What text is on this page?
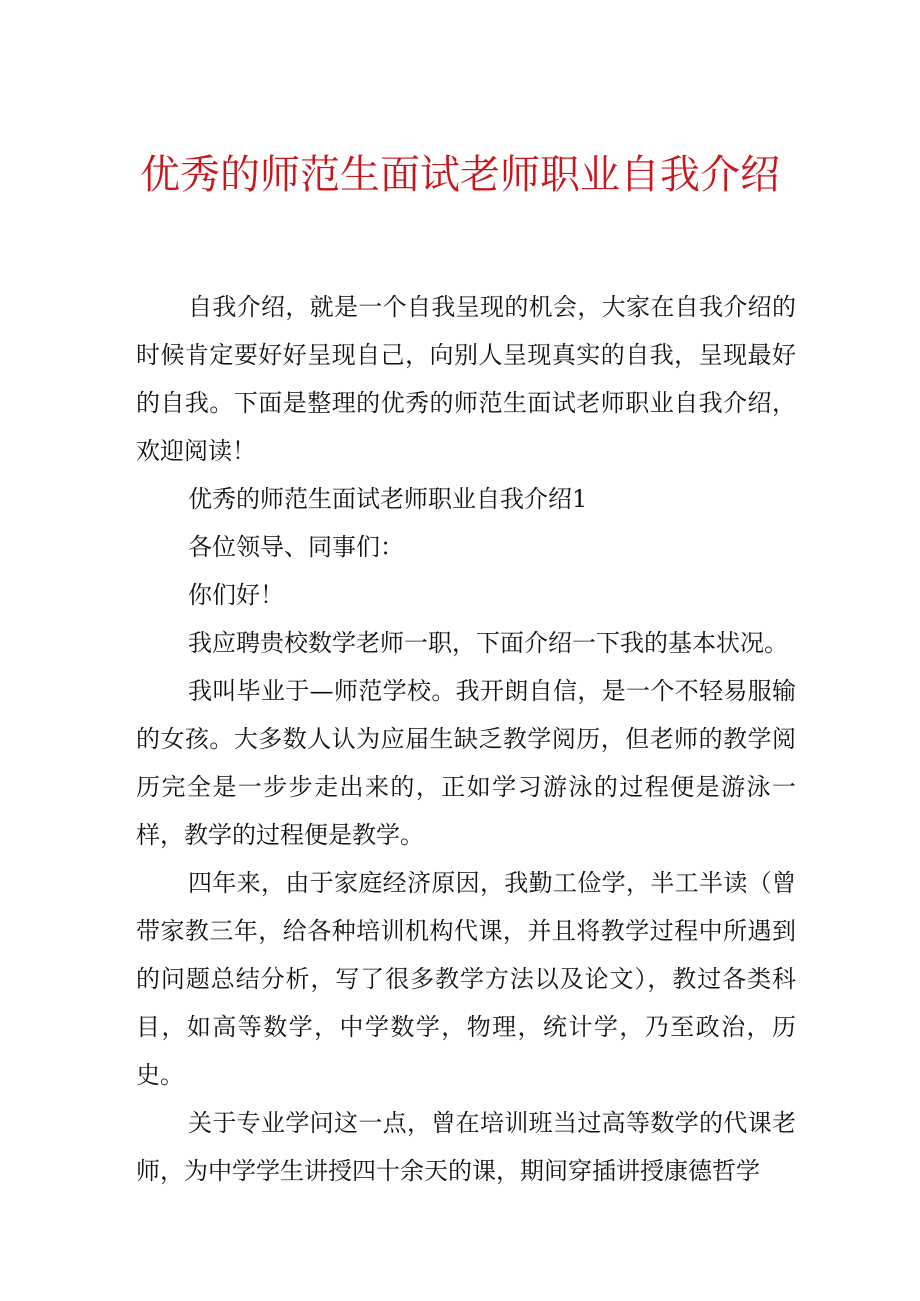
优秀的师范生面试老师职业自我介绍

自我介绍，就是一个自我呈现的机会，大家在自我介绍的时候肯定要好好呈现自己，向别人呈现真实的自我，呈现最好的自我。下面是整理的优秀的师范生面试老师职业自我介绍，欢迎阅读！

优秀的师范生面试老师职业自我介绍1

各位领导、同事们：

你们好！

我应聘贵校数学老师一职，下面介绍一下我的基本状况。

我叫毕业于—师范学校。我开朗自信，是一个不轻易服输的女孩。大多数人认为应届生缺乏教学阅历，但老师的教学阅历完全是一步步走出来的，正如学习游泳的过程便是游泳一样，教学的过程便是教学。

四年来，由于家庭经济原因，我勤工俭学，半工半读（曾带家教三年，给各种培训机构代课，并且将教学过程中所遇到的问题总结分析，写了很多教学方法以及论文），教过各类科目，如高等数学，中学数学，物理，统计学，乃至政治，历史。

关于专业学问这一点，曾在培训班当过高等数学的代课老师，为中学学生讲授四十余天的课，期间穿插讲授康德哲学
